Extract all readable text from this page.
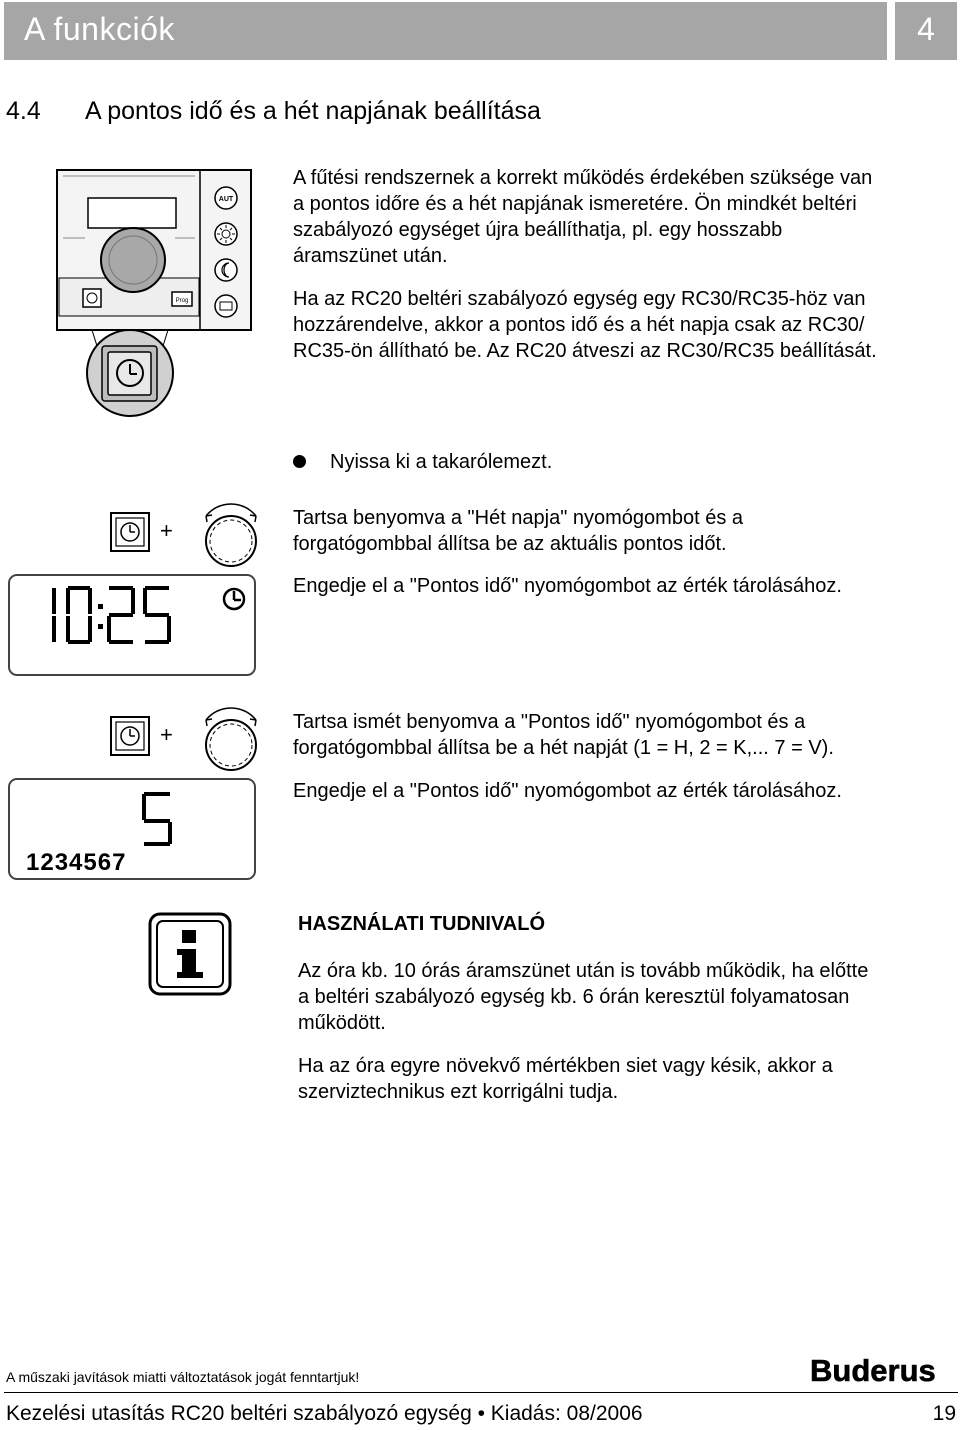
A funkciók	4
4.4 A pontos idő és a hét napjának beállítása
Prog
AUT
A fűtési rendszernek a korrekt működés érdekében szüksége van
a pontos időre és a hét napjának ismeretére. Ön mindkét beltéri
szabályozó egységet újra beállíthatja, pl. egy hosszabb
áramszünet után.
Ha az RC20 beltéri szabályozó egység egy RC30/RC35-höz van
hozzárendelve, akkor a pontos idő és a hét napja csak az RC30/
RC35-ön állítható be. Az RC20 átveszi az RC30/RC35 beállítását.
Nyissa ki a takarólemezt.
+	Tartsa benyomva a "Hét napja" nyomógombot és a
forgatógombbal állítsa be az aktuális pontos időt.
Engedje el a "Pontos idő" nyomógombot az érték tárolásához.
10:25
+	Tartsa ismét benyomva a "Pontos idő" nyomógombot és a
forgatógombbal állítsa be a hét napját (1 = H, 2 = K,... 7 = V).
Engedje el a "Pontos idő" nyomógombot az érték tárolásához.
5
1234567
HASZNÁLATI TUDNIVALÓ
Az óra kb. 10 órás áramszünet után is tovább működik, ha előtte
a beltéri szabályozó egység kb. 6 órán keresztül folyamatosan
működött.
Ha az óra egyre növekvő mértékben siet vagy késik, akkor a
szerviztechnikus ezt korrigálni tudja.
A műszaki javítások miatti változtatások jogát fenntartjuk!	Buderus
Kezelési utasítás RC20 beltéri szabályozó egység • Kiadás: 08/2006	19
